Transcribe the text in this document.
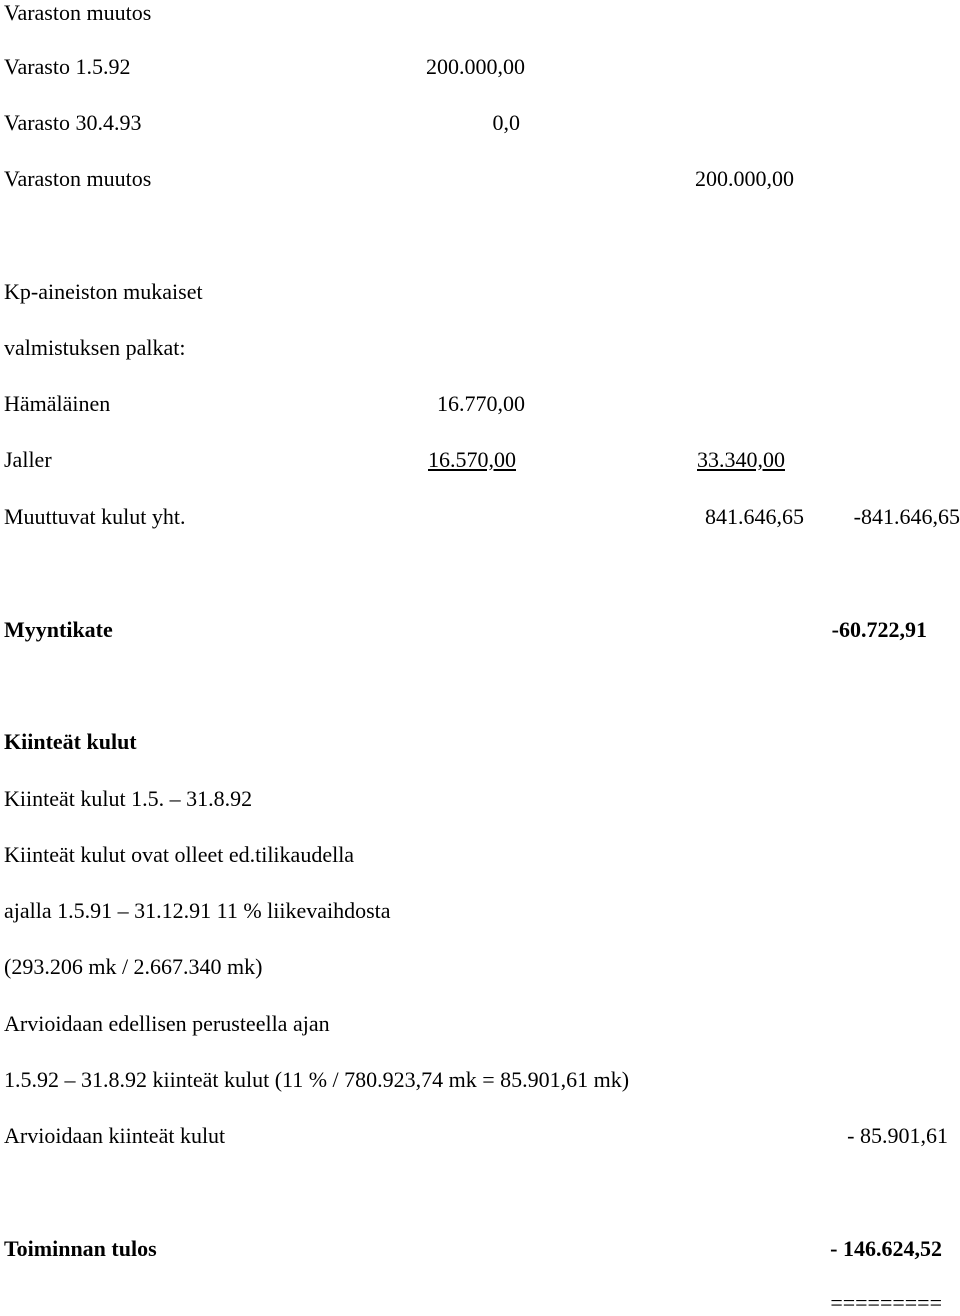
Varaston muutos
Varasto 1.5.92	200.000,00
Varasto 30.4.93	0,0
Varaston muutos	200.000,00
Kp-aineiston mukaiset
valmistuksen palkat:
Hämäläinen	16.770,00
Jaller	16.570,00	33.340,00
Muuttuvat kulut yht.	841.646,65	-841.646,65
Myyntikate	-60.722,91
Kiinteät kulut
Kiinteät kulut 1.5. – 31.8.92
Kiinteät kulut ovat olleet ed.tilikaudella
ajalla 1.5.91 – 31.12.91 11 % liikevaihdosta
(293.206 mk / 2.667.340 mk)
Arvioidaan edellisen perusteella ajan
1.5.92 – 31.8.92 kiinteät kulut (11 % / 780.923,74 mk = 85.901,61 mk)
Arvioidaan kiinteät kulut	- 85.901,61
Toiminnan tulos	- 146.624,52
=========
